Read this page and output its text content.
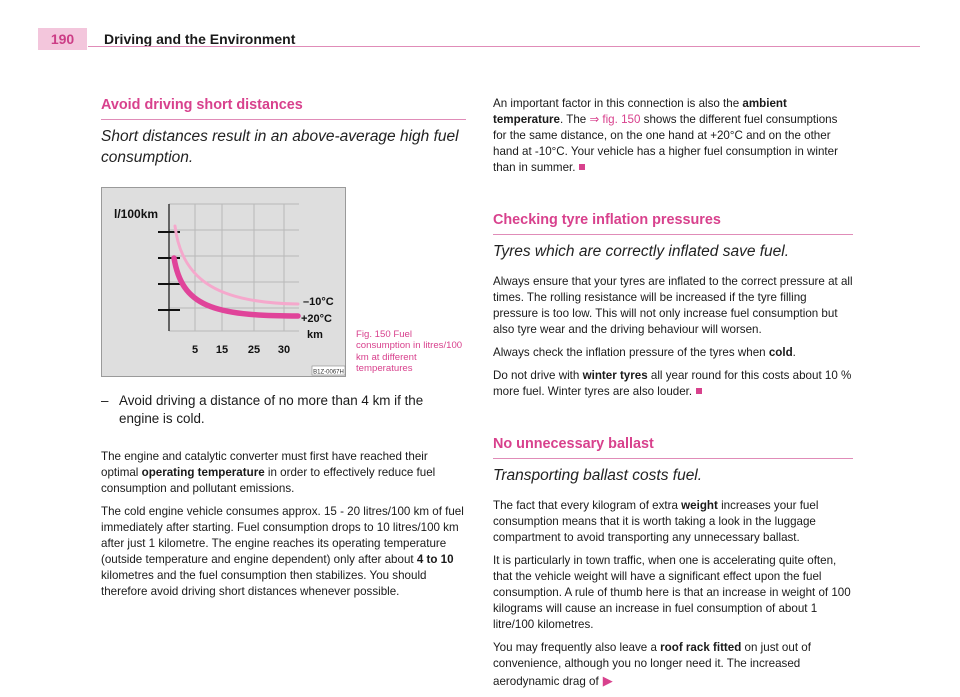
190	Driving and the Environment
Avoid driving short distances
Short distances result in an above-average high fuel consumption.
l/100km
–10°C
+20°C
km
5 15 25 30
B1Z-0067H
Fig. 150 Fuel consumption in litres/100 km at different temperatures
– Avoid driving a distance of no more than 4 km if the engine is cold.

The engine and catalytic converter must first have reached their optimal operating temperature in order to effectively reduce fuel consumption and pollutant emissions.

The cold engine vehicle consumes approx. 15 - 20 litres/100 km of fuel immediately after starting. Fuel consumption drops to 10 litres/100 km after just 1 kilometre. The engine reaches its operating temperature (outside temperature and engine dependent) only after about 4 to 10 kilometres and the fuel consumption then stabilizes. You should therefore avoid driving short distances whenever possible.

An important factor in this connection is also the ambient temperature. The ⇒ fig. 150 shows the different fuel consumptions for the same distance, on the one hand at +20°C and on the other hand at -10°C. Your vehicle has a higher fuel consumption in winter than in summer.

Checking tyre inflation pressures
Tyres which are correctly inflated save fuel.

Always ensure that your tyres are inflated to the correct pressure at all times. The rolling resistance will be increased if the tyre filling pressure is too low. This will not only increase fuel consumption but also tyre wear and the driving behaviour will worsen.

Always check the inflation pressure of the tyres when cold.

Do not drive with winter tyres all year round for this costs about 10 % more fuel. Winter tyres are also louder.

No unnecessary ballast
Transporting ballast costs fuel.

The fact that every kilogram of extra weight increases your fuel consumption means that it is worth taking a look in the luggage compartment to avoid transporting any unnecessary ballast.

It is particularly in town traffic, when one is accelerating quite often, that the vehicle weight will have a significant effect upon the fuel consumption. A rule of thumb here is that an increase in weight of 100 kilograms will cause an increase in fuel consumption of about 1 litre/100 kilometres.

You may frequently also leave a roof rack fitted on just out of convenience, although you no longer need it. The increased aerodynamic drag of ▶
